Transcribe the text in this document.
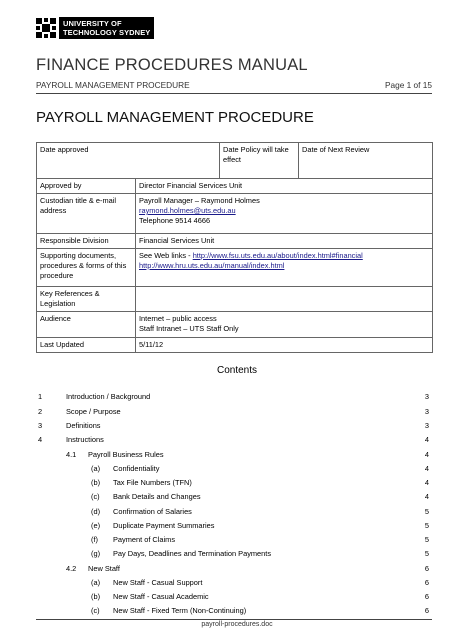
UNIVERSITY OF
TECHNOLOGY SYDNEY
FINANCE PROCEDURES MANUAL
PAYROLL MANAGEMENT PROCEDURE	Page 1 of 15
PAYROLL MANAGEMENT PROCEDURE
Date approved		Date Policy will take effect	Date of Next Review
Approved by	Director Financial Services Unit		
Custodian title & e-mail address	Payroll Manager – Raymond Holmes
raymond.holmes@uts.edu.au
Telephone 9514 4666		

Responsible Division	Financial Services Unit		
Supporting documents, procedures & forms of this procedure	See Web links - http://www.fsu.uts.edu.au/about/index.html#financial
http://www.hru.uts.edu.au/manual/index.html		

Key References & Legislation			
Audience	Internet – public access
Staff Intranet – UTS Staff Only		

Last Updated	5/11/12		
Contents
1	Introduction / Background	3
2	Scope / Purpose	3
3	Definitions	3
4	Instructions	4
4.1 Payroll Business Rules	4
(a) Confidentiality	4
(b) Tax File Numbers (TFN)	4
(c) Bank Details and Changes	4
(d) Confirmation of Salaries	5
(e) Duplicate Payment Summaries	5
(f) Payment of Claims	5
(g) Pay Days, Deadlines and Termination Payments	5
4.2 New Staff	6
(a) New Staff - Casual Support	6
(b) New Staff - Casual Academic	6
(c) New Staff - Fixed Term (Non-Continuing)	6
payroll-procedures.doc
